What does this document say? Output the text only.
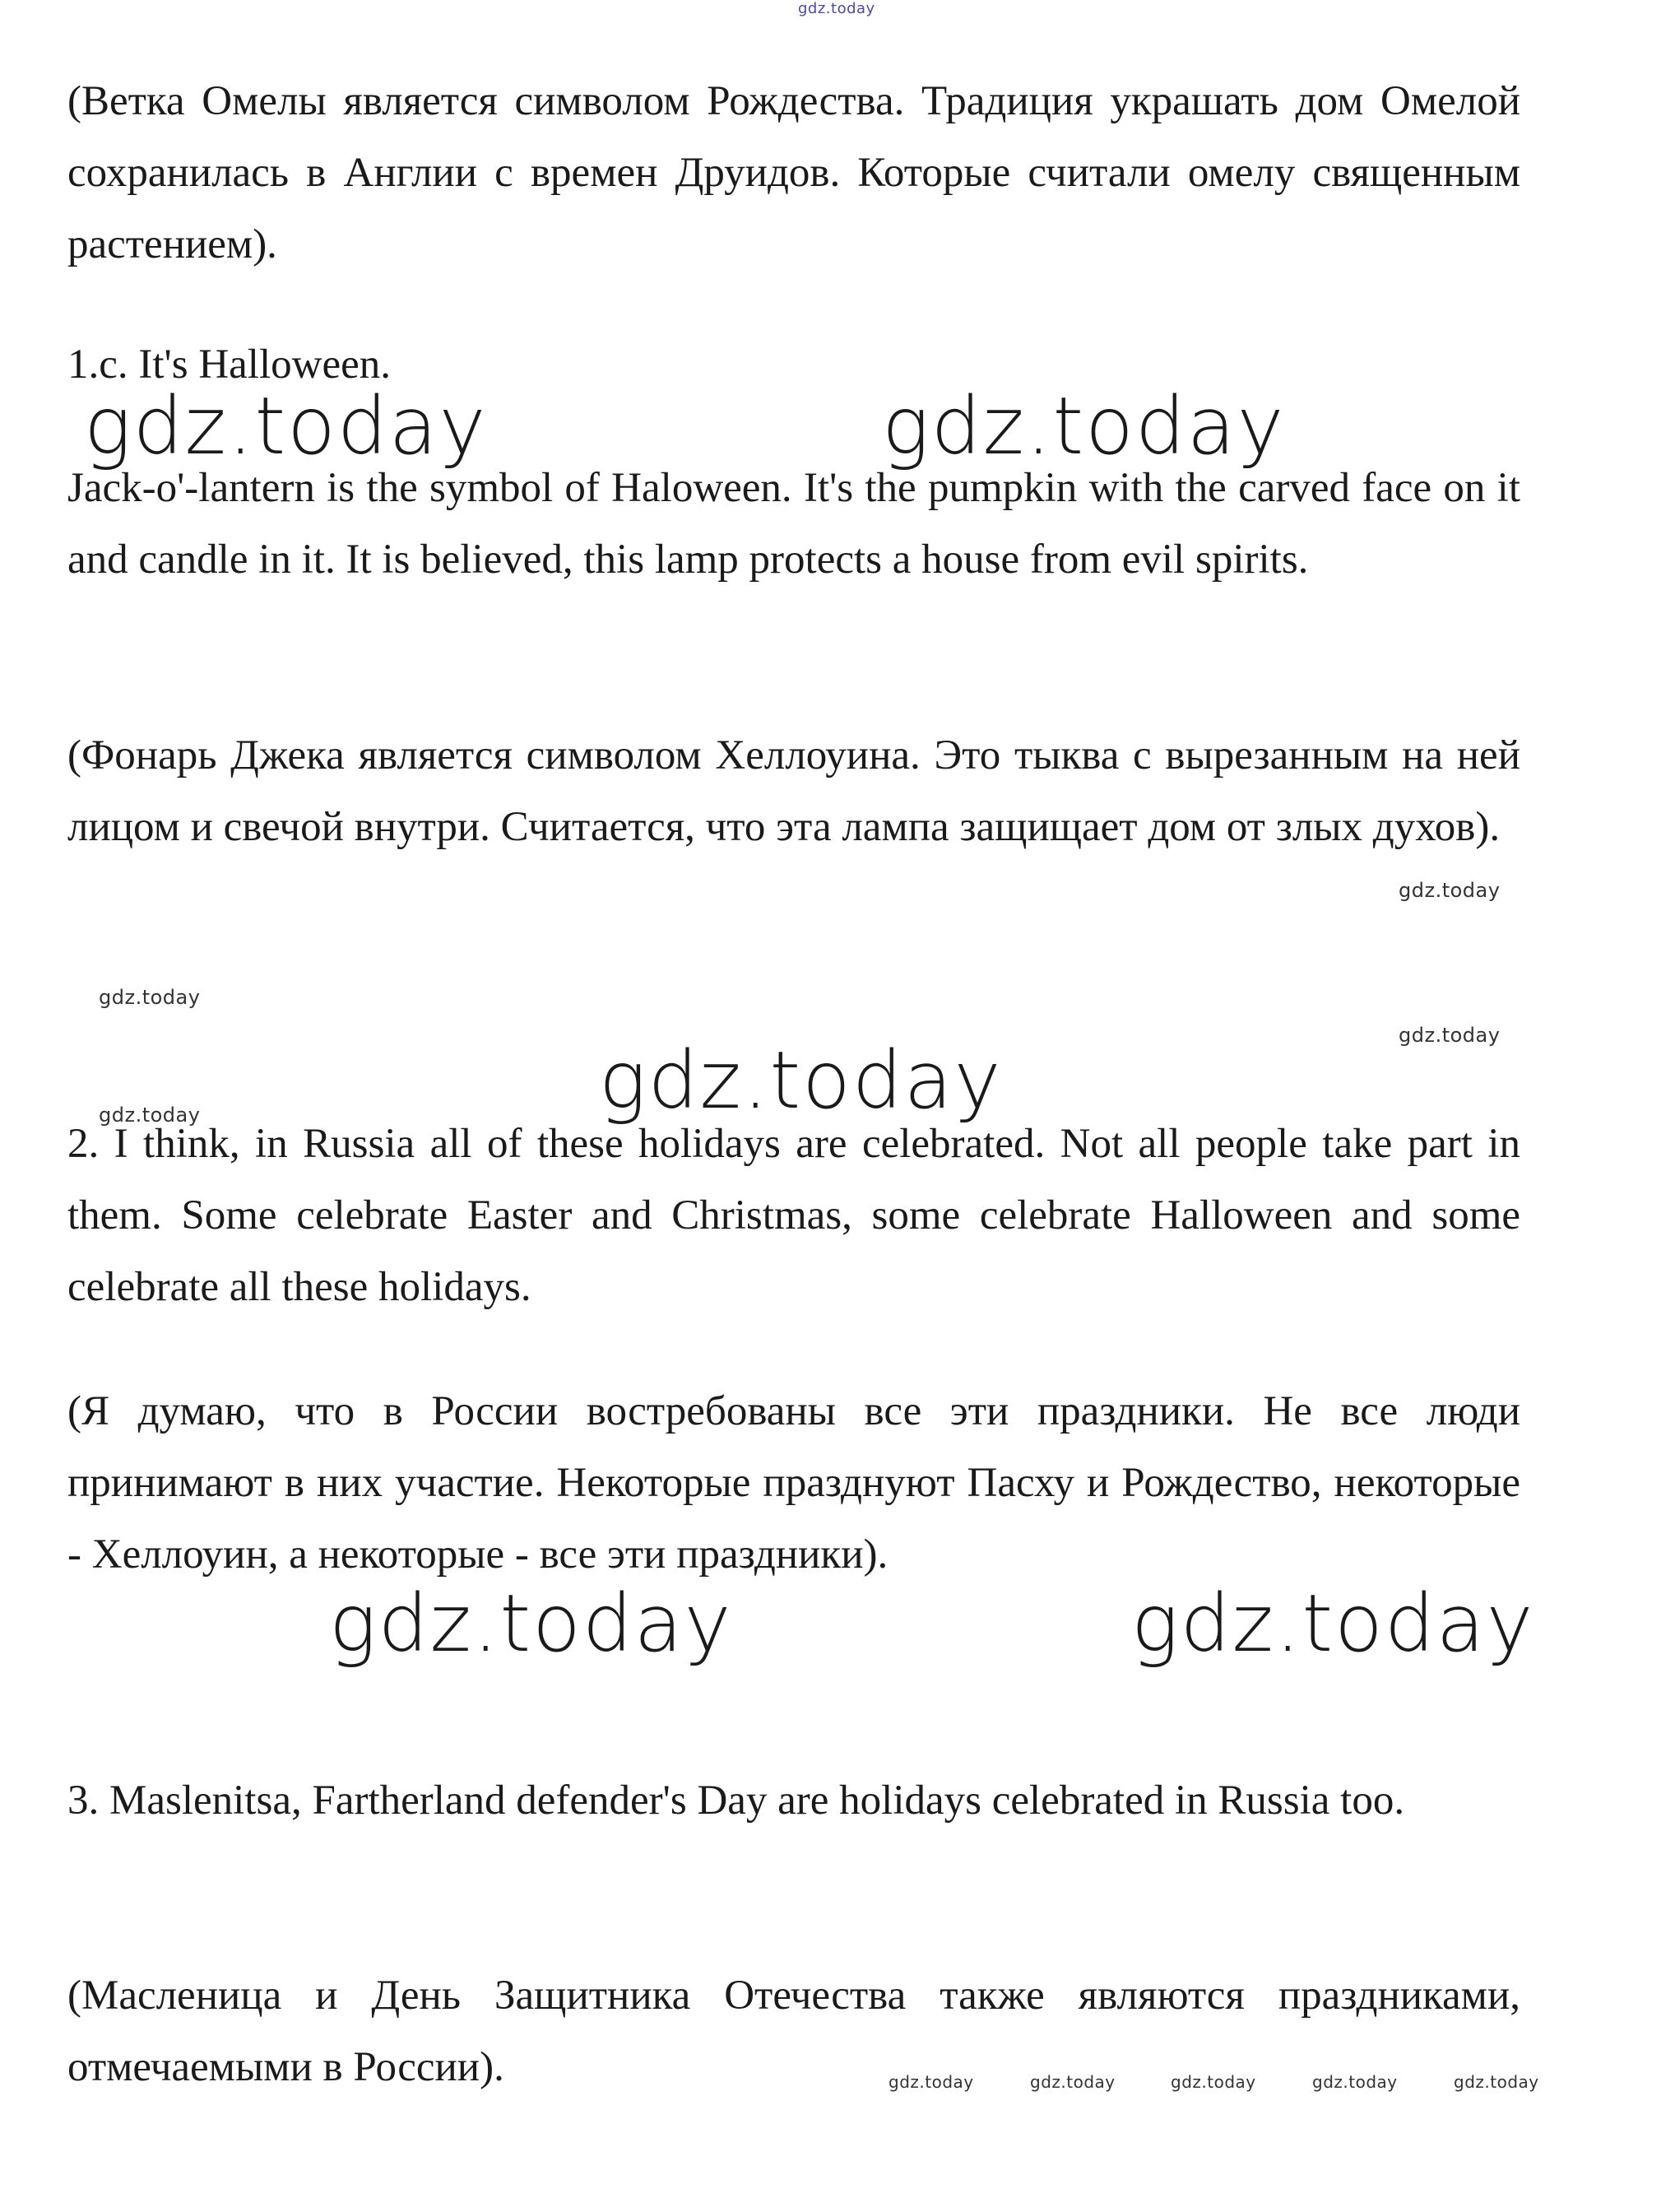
gdz.today

(Ветка Омелы является символом Рождества. Традиция украшать дом Омелой сохранилась в Англии с времен Друидов. Которые считали омелу священным растением).

1.c. It's Halloween.

gdz.today	gdz.today

Jack-o'-lantern is the symbol of Haloween. It's the pumpkin with the carved face on it and candle in it. It is believed, this lamp protects a house from evil spirits.

(Фонарь Джека является символом Хеллоуина. Это тыква с вырезанным на ней лицом и свечой внутри. Считается, что эта лампа защищает дом от злых духов).

gdz.today
gdz.today
gdz.today
gdz.today	gdz.today

2. I think, in Russia all of these holidays are celebrated. Not all people take part in them. Some celebrate Easter and Christmas, some celebrate Halloween and some celebrate all these holidays.

(Я думаю, что в России востребованы все эти праздники. Не все люди принимают в них участие. Некоторые празднуют Пасху и Рождество, некоторые - Хеллоуин, а некоторые - все эти праздники).

gdz.today	gdz.today

3. Maslenitsa, Fartherland defender's Day are holidays celebrated in Russia too.

(Масленица и День Защитника Отечества также являются праздниками, отмечаемыми в России).	gdz.today	gdz.today	gdz.today	gdz.today	gdz.today
